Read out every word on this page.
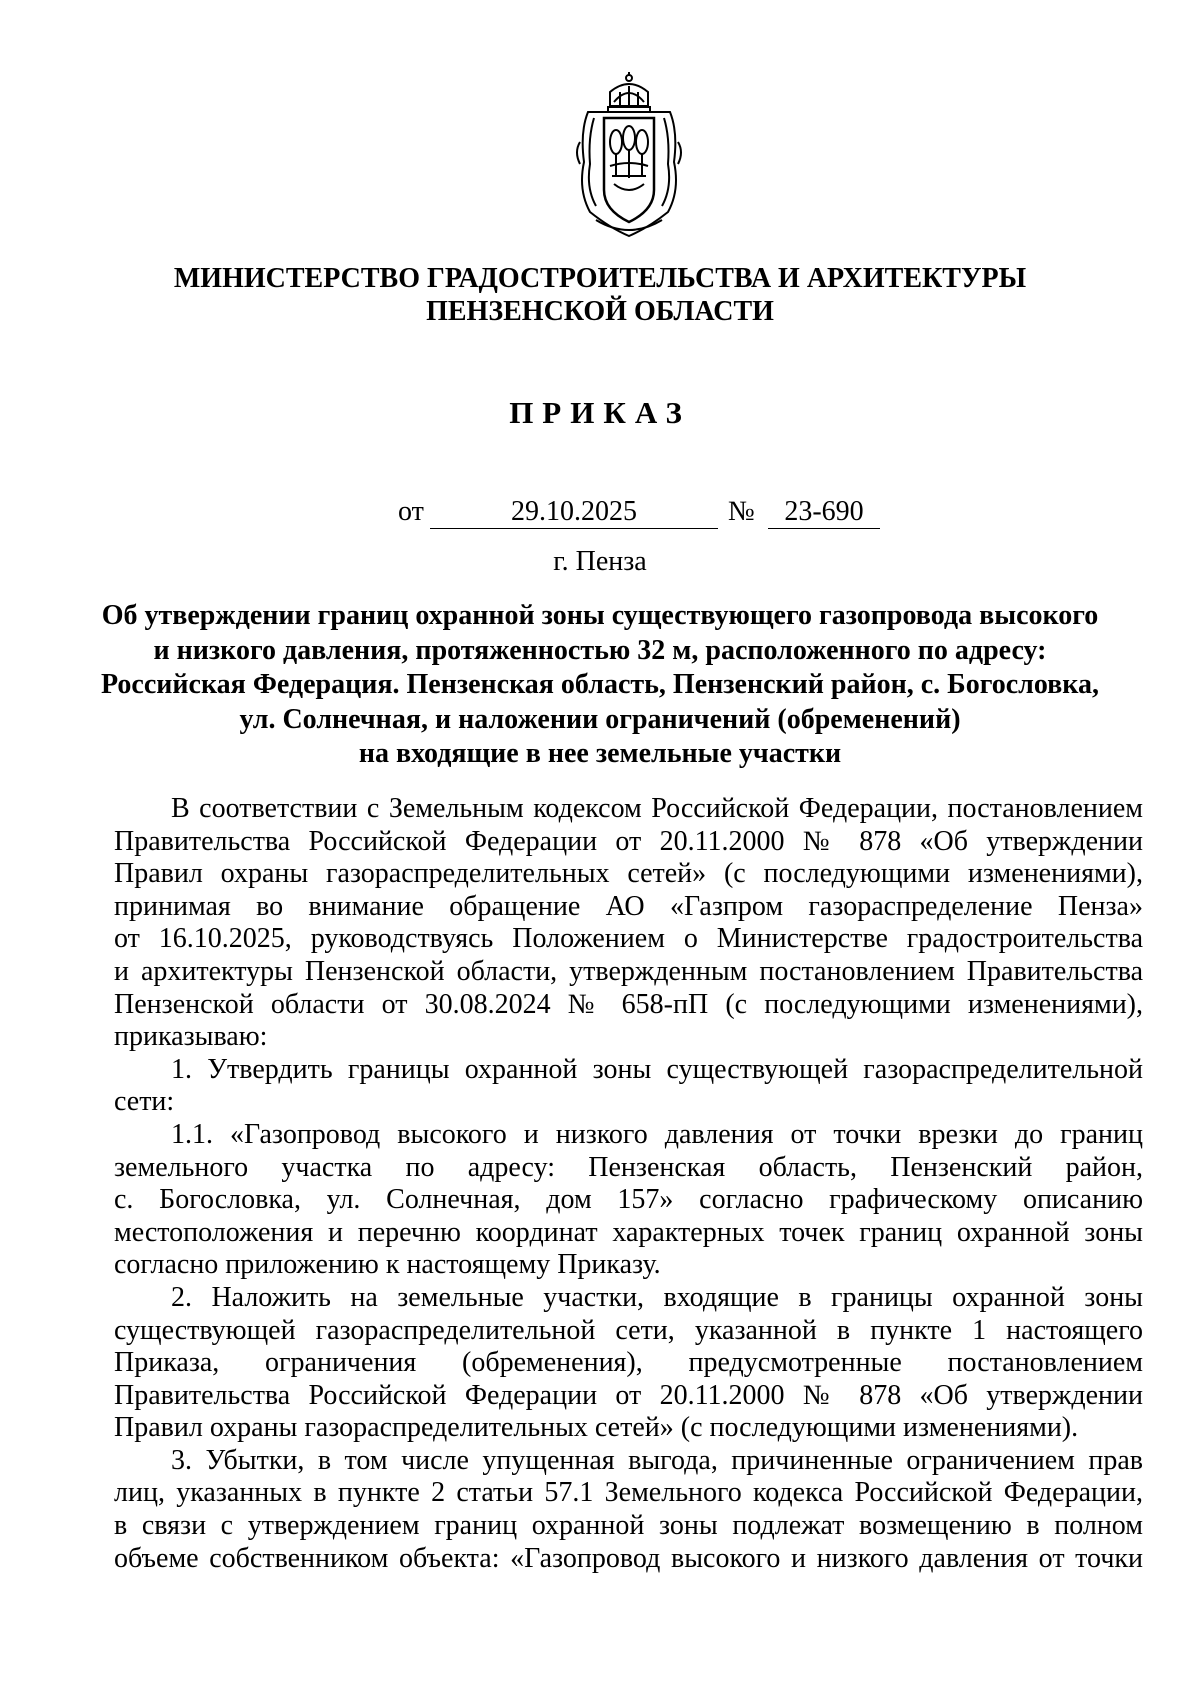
МИНИСТЕРСТВО ГРАДОСТРОИТЕЛЬСТВА И АРХИТЕКТУРЫ
ПЕНЗЕНСКОЙ ОБЛАСТИ
ПРИКАЗ
от	29.10.2025	№	23-690
г. Пенза
Об утверждении границ охранной зоны существующего газопровода высокого
и низкого давления, протяженностью 32 м, расположенного по адресу:
Российская Федерация. Пензенская область, Пензенский район, с. Богословка,
ул. Солнечная, и наложении ограничений (обременений)
на входящие в нее земельные участки
В соответствии с Земельным кодексом Российской Федерации, постановлением
Правительства Российской Федерации от 20.11.2000 № 878 «Об утверждении
Правил охраны газораспределительных сетей» (с последующими изменениями),
принимая во внимание обращение АО «Газпром газораспределение Пенза»
от 16.10.2025, руководствуясь Положением о Министерстве градостроительства
и архитектуры Пензенской области, утвержденным постановлением Правительства
Пензенской области от 30.08.2024 № 658-пП (с последующими изменениями),
приказываю:
1. Утвердить границы охранной зоны существующей газораспределительной
сети:
1.1. «Газопровод высокого и низкого давления от точки врезки до границ
земельного участка по адресу: Пензенская область, Пензенский район,
с. Богословка, ул. Солнечная, дом 157» согласно графическому описанию
местоположения и перечню координат характерных точек границ охранной зоны
согласно приложению к настоящему Приказу.
2. Наложить на земельные участки, входящие в границы охранной зоны
существующей газораспределительной сети, указанной в пункте 1 настоящего
Приказа, ограничения (обременения), предусмотренные постановлением
Правительства Российской Федерации от 20.11.2000 № 878 «Об утверждении
Правил охраны газораспределительных сетей» (с последующими изменениями).
3. Убытки, в том числе упущенная выгода, причиненные ограничением прав
лиц, указанных в пункте 2 статьи 57.1 Земельного кодекса Российской Федерации,
в связи с утверждением границ охранной зоны подлежат возмещению в полном
объеме собственником объекта: «Газопровод высокого и низкого давления от точки
